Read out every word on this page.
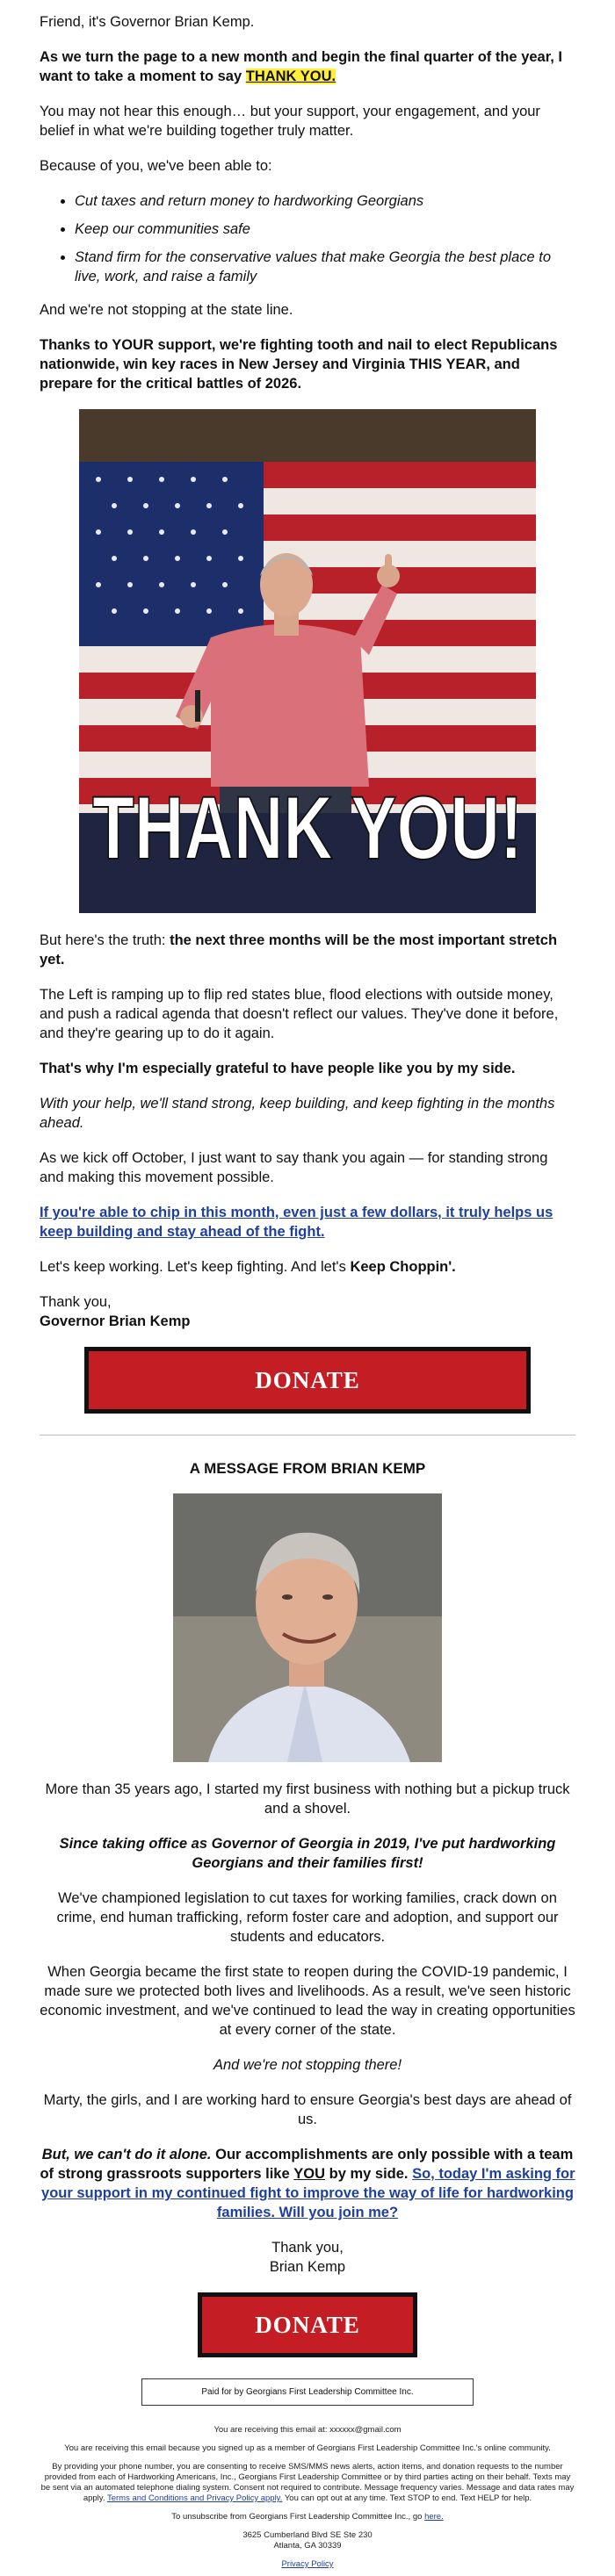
Friend, it's Governor Brian Kemp.

As we turn the page to a new month and begin the final quarter of the year, I want to take a moment to say THANK YOU.

You may not hear this enough… but your support, your engagement, and your belief in what we're building together truly matter.

Because of you, we've been able to:

• Cut taxes and return money to hardworking Georgians
• Keep our communities safe
• Stand firm for the conservative values that make Georgia the best place to live, work, and raise a family

And we're not stopping at the state line.

Thanks to YOUR support, we're fighting tooth and nail to elect Republicans nationwide, win key races in New Jersey and Virginia THIS YEAR, and prepare for the critical battles of 2026.

THANK YOU!

But here's the truth: the next three months will be the most important stretch yet.

The Left is ramping up to flip red states blue, flood elections with outside money, and push a radical agenda that doesn't reflect our values. They've done it before, and they're gearing up to do it again.

That's why I'm especially grateful to have people like you by my side.

With your help, we'll stand strong, keep building, and keep fighting in the months ahead.

As we kick off October, I just want to say thank you again — for standing strong and making this movement possible.

If you're able to chip in this month, even just a few dollars, it truly helps us keep building and stay ahead of the fight.

Let's keep working. Let's keep fighting. And let's Keep Choppin'.

Thank you,
Governor Brian Kemp

DONATE
A MESSAGE FROM BRIAN KEMP

More than 35 years ago, I started my first business with nothing but a pickup truck and a shovel.

Since taking office as Governor of Georgia in 2019, I've put hardworking Georgians and their families first!

We've championed legislation to cut taxes for working families, crack down on crime, end human trafficking, reform foster care and adoption, and support our students and educators.

When Georgia became the first state to reopen during the COVID-19 pandemic, I made sure we protected both lives and livelihoods. As a result, we've seen historic economic investment, and we've continued to lead the way in creating opportunities at every corner of the state.

And we're not stopping there!

Marty, the girls, and I are working hard to ensure Georgia's best days are ahead of us.

But, we can't do it alone. Our accomplishments are only possible with a team of strong grassroots supporters like YOU by my side. So, today I'm asking for your support in my continued fight to improve the way of life for hardworking families. Will you join me?

Thank you,
Brian Kemp

DONATE
Paid for by Georgians First Leadership Committee Inc.

You are receiving this email at: xxxxxx@gmail.com

You are receiving this email because you signed up as a member of Georgians First Leadership Committee Inc.'s online community.

By providing your phone number, you are consenting to receive SMS/MMS news alerts, action items, and donation requests to the number provided from each of Hardworking Americans, Inc., Georgians First Leadership Committee or by third parties acting on their behalf. Texts may be sent via an automated telephone dialing system. Consent not required to contribute. Message frequency varies. Message and data rates may apply. Terms and Conditions and Privacy Policy apply. You can opt out at any time. Text STOP to end. Text HELP for help.

To unsubscribe from Georgians First Leadership Committee Inc., go here.

3625 Cumberland Blvd SE Ste 230
Atlanta, GA 30339

Privacy Policy
